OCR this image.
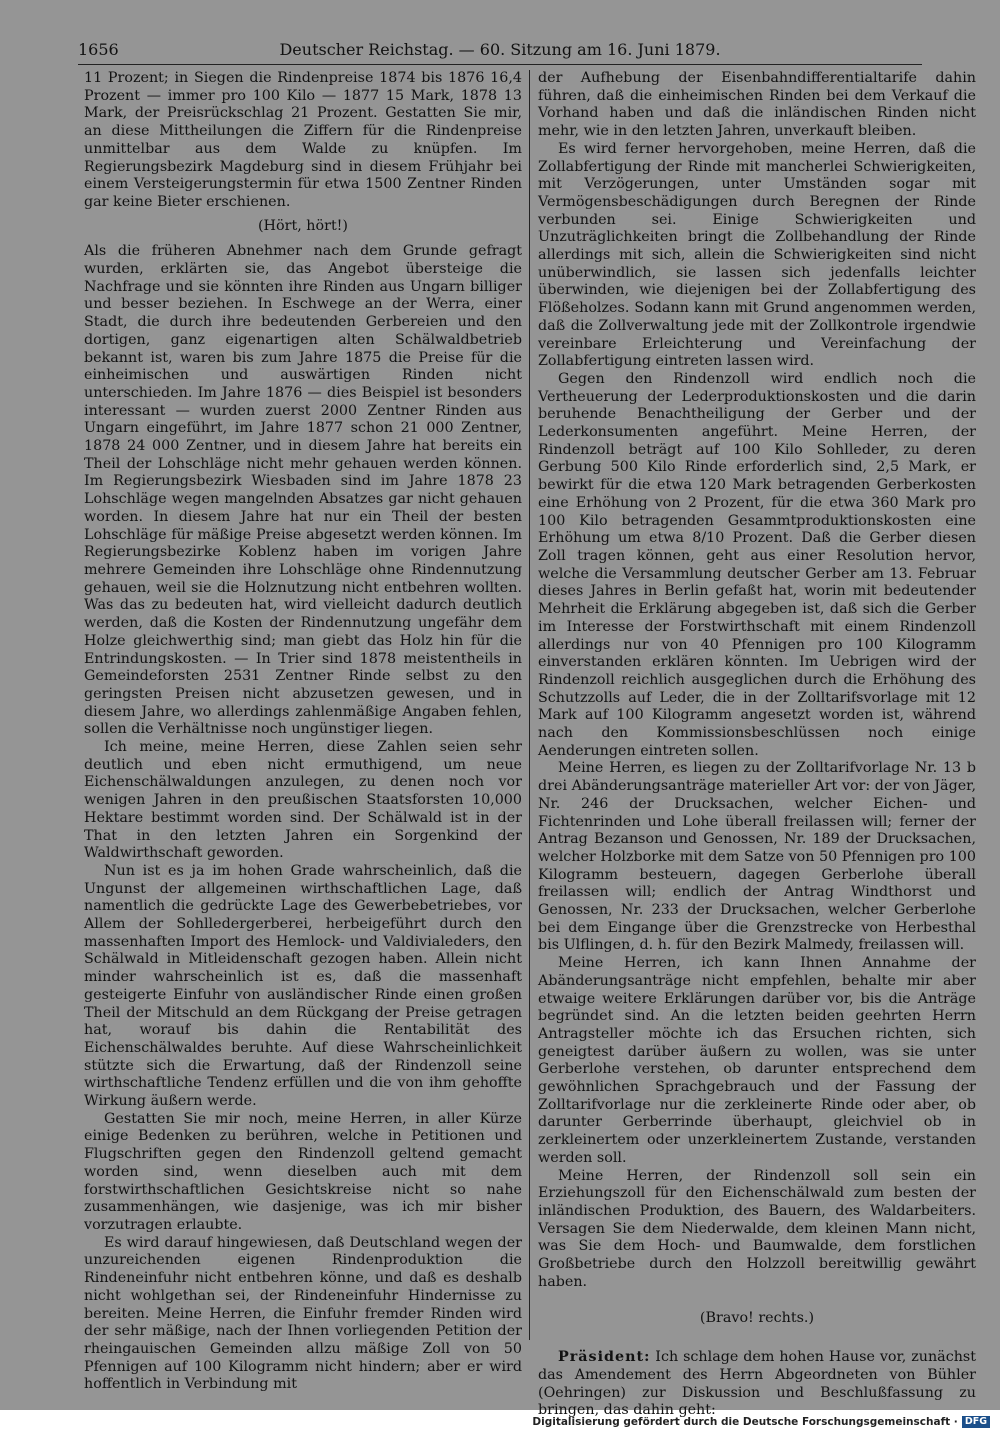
1656	Deutscher Reichstag. — 60. Sitzung am 16. Juni 1879.

11 Prozent; in Siegen die Rindenpreise 1874 bis 1876 16,4 Prozent — immer pro 100 Kilo — 1877 15 Mark, 1878 13 Mark, der Preisrückschlag 21 Prozent. Gestatten Sie mir, an diese Mittheilungen die Ziffern für die Rindenpreise unmittelbar aus dem Walde zu knüpfen. Im Regierungsbezirk Magdeburg sind in diesem Frühjahr bei einem Versteigerungstermin für etwa 1500 Zentner Rinden gar keine Bieter erschienen.

(Hört, hört!)

Als die früheren Abnehmer nach dem Grunde gefragt wurden, erklärten sie, das Angebot übersteige die Nachfrage und sie könnten ihre Rinden aus Ungarn billiger und besser beziehen. In Eschwege an der Werra, einer Stadt, die durch ihre bedeutenden Gerbereien und den dortigen, ganz eigenartigen alten Schälwaldbetrieb bekannt ist, waren bis zum Jahre 1875 die Preise für die einheimischen und auswärtigen Rinden nicht unterschieden. Im Jahre 1876 — dies Beispiel ist besonders interessant — wurden zuerst 2000 Zentner Rinden aus Ungarn eingeführt, im Jahre 1877 schon 21 000 Zentner, 1878 24 000 Zentner, und in diesem Jahre hat bereits ein Theil der Lohschläge nicht mehr gehauen werden können. Im Regierungsbezirk Wiesbaden sind im Jahre 1878 23 Lohschläge wegen mangelnden Absatzes gar nicht gehauen worden. In diesem Jahre hat nur ein Theil der besten Lohschläge für mäßige Preise abgesetzt werden können. Im Regierungsbezirke Koblenz haben im vorigen Jahre mehrere Gemeinden ihre Lohschläge ohne Rindennutzung gehauen, weil sie die Holznutzung nicht entbehren wollten. Was das zu bedeuten hat, wird vielleicht dadurch deutlich werden, daß die Kosten der Rindennutzung ungefähr dem Holze gleichwerthig sind; man giebt das Holz hin für die Entrindungskosten. — In Trier sind 1878 meistentheils in Gemeindeforsten 2531 Zentner Rinde selbst zu den geringsten Preisen nicht abzusetzen gewesen, und in diesem Jahre, wo allerdings zahlenmäßige Angaben fehlen, sollen die Verhältnisse noch ungünstiger liegen.

Ich meine, meine Herren, diese Zahlen seien sehr deutlich und eben nicht ermuthigend, um neue Eichenschälwaldungen anzulegen, zu denen noch vor wenigen Jahren in den preußischen Staatsforsten 10,000 Hektare bestimmt worden sind. Der Schälwald ist in der That in den letzten Jahren ein Sorgenkind der Waldwirthschaft geworden.

Nun ist es ja im hohen Grade wahrscheinlich, daß die Ungunst der allgemeinen wirthschaftlichen Lage, daß namentlich die gedrückte Lage des Gewerbebetriebes, vor Allem der Sohlledergerberei, herbeigeführt durch den massenhaften Import des Hemlock- und Valdivialeders, den Schälwald in Mitleidenschaft gezogen haben. Allein nicht minder wahrscheinlich ist es, daß die massenhaft gesteigerte Einfuhr von ausländischer Rinde einen großen Theil der Mitschuld an dem Rückgang der Preise getragen hat, worauf bis dahin die Rentabilität des Eichenschälwaldes beruhte. Auf diese Wahrscheinlichkeit stützte sich die Erwartung, daß der Rindenzoll seine wirthschaftliche Tendenz erfüllen und die von ihm gehoffte Wirkung äußern werde.

Gestatten Sie mir noch, meine Herren, in aller Kürze einige Bedenken zu berühren, welche in Petitionen und Flugschriften gegen den Rindenzoll geltend gemacht worden sind, wenn dieselben auch mit dem forstwirthschaftlichen Gesichtskreise nicht so nahe zusammenhängen, wie dasjenige, was ich mir bisher vorzutragen erlaubte.

Es wird darauf hingewiesen, daß Deutschland wegen der unzureichenden eigenen Rindenproduktion die Rindeneinfuhr nicht entbehren könne, und daß es deshalb nicht wohlgethan sei, der Rindeneinfuhr Hindernisse zu bereiten. Meine Herren, die Einfuhr fremder Rinden wird der sehr mäßige, nach der Ihnen vorliegenden Petition der rheingauischen Gemeinden allzu mäßige Zoll von 50 Pfennigen auf 100 Kilogramm nicht hindern; aber er wird hoffentlich in Verbindung mit

der Aufhebung der Eisenbahndifferentialtarife dahin führen, daß die einheimischen Rinden bei dem Verkauf die Vorhand haben und daß die inländischen Rinden nicht mehr, wie in den letzten Jahren, unverkauft bleiben.

Es wird ferner hervorgehoben, meine Herren, daß die Zollabfertigung der Rinde mit mancherlei Schwierigkeiten, mit Verzögerungen, unter Umständen sogar mit Vermögensbeschädigungen durch Beregnen der Rinde verbunden sei. Einige Schwierigkeiten und Unzuträglichkeiten bringt die Zollbehandlung der Rinde allerdings mit sich, allein die Schwierigkeiten sind nicht unüberwindlich, sie lassen sich jedenfalls leichter überwinden, wie diejenigen bei der Zollabfertigung des Flößeholzes. Sodann kann mit Grund angenommen werden, daß die Zollverwaltung jede mit der Zollkontrole irgendwie vereinbare Erleichterung und Vereinfachung der Zollabfertigung eintreten lassen wird.

Gegen den Rindenzoll wird endlich noch die Vertheuerung der Lederproduktionskosten und die darin beruhende Benachtheiligung der Gerber und der Lederkonsumenten angeführt. Meine Herren, der Rindenzoll beträgt auf 100 Kilo Sohlleder, zu deren Gerbung 500 Kilo Rinde erforderlich sind, 2,5 Mark, er bewirkt für die etwa 120 Mark betragenden Gerberkosten eine Erhöhung von 2 Prozent, für die etwa 360 Mark pro 100 Kilo betragenden Gesammtproduktionskosten eine Erhöhung um etwa 8/10 Prozent. Daß die Gerber diesen Zoll tragen können, geht aus einer Resolution hervor, welche die Versammlung deutscher Gerber am 13. Februar dieses Jahres in Berlin gefaßt hat, worin mit bedeutender Mehrheit die Erklärung abgegeben ist, daß sich die Gerber im Interesse der Forstwirthschaft mit einem Rindenzoll allerdings nur von 40 Pfennigen pro 100 Kilogramm einverstanden erklären könnten. Im Uebrigen wird der Rindenzoll reichlich ausgeglichen durch die Erhöhung des Schutzzolls auf Leder, die in der Zolltarifsvorlage mit 12 Mark auf 100 Kilogramm angesetzt worden ist, während nach den Kommissionsbeschlüssen noch einige Aenderungen eintreten sollen.

Meine Herren, es liegen zu der Zolltarifvorlage Nr. 13 b drei Abänderungsanträge materieller Art vor: der von Jäger, Nr. 246 der Drucksachen, welcher Eichen- und Fichtenrinden und Lohe überall freilassen will; ferner der Antrag Bezanson und Genossen, Nr. 189 der Drucksachen, welcher Holzborke mit dem Satze von 50 Pfennigen pro 100 Kilogramm besteuern, dagegen Gerberlohe überall freilassen will; endlich der Antrag Windthorst und Genossen, Nr. 233 der Drucksachen, welcher Gerberlohe bei dem Eingange über die Grenzstrecke von Herbesthal bis Ulflingen, d. h. für den Bezirk Malmedy, freilassen will.

Meine Herren, ich kann Ihnen Annahme der Abänderungsanträge nicht empfehlen, behalte mir aber etwaige weitere Erklärungen darüber vor, bis die Anträge begründet sind. An die letzten beiden geehrten Herrn Antragsteller möchte ich das Ersuchen richten, sich geneigtest darüber äußern zu wollen, was sie unter Gerberlohe verstehen, ob darunter entsprechend dem gewöhnlichen Sprachgebrauch und der Fassung der Zolltarifvorlage nur die zerkleinerte Rinde oder aber, ob darunter Gerberrinde überhaupt, gleichviel ob in zerkleinertem oder unzerkleinertem Zustande, verstanden werden soll.

Meine Herren, der Rindenzoll soll sein ein Erziehungszoll für den Eichenschälwald zum besten der inländischen Produktion, des Bauern, des Waldarbeiters. Versagen Sie dem Niederwalde, dem kleinen Mann nicht, was Sie dem Hoch- und Baumwalde, dem forstlichen Großbetriebe durch den Holzzoll bereitwillig gewährt haben.

(Bravo! rechts.)

Präsident: Ich schlage dem hohen Hause vor, zunächst das Amendement des Herrn Abgeordneten von Bühler (Oehringen) zur Diskussion und Beschlußfassung zu bringen, das dahin geht:

Digitalisierung gefördert durch die Deutsche Forschungsgemeinschaft · DFG
